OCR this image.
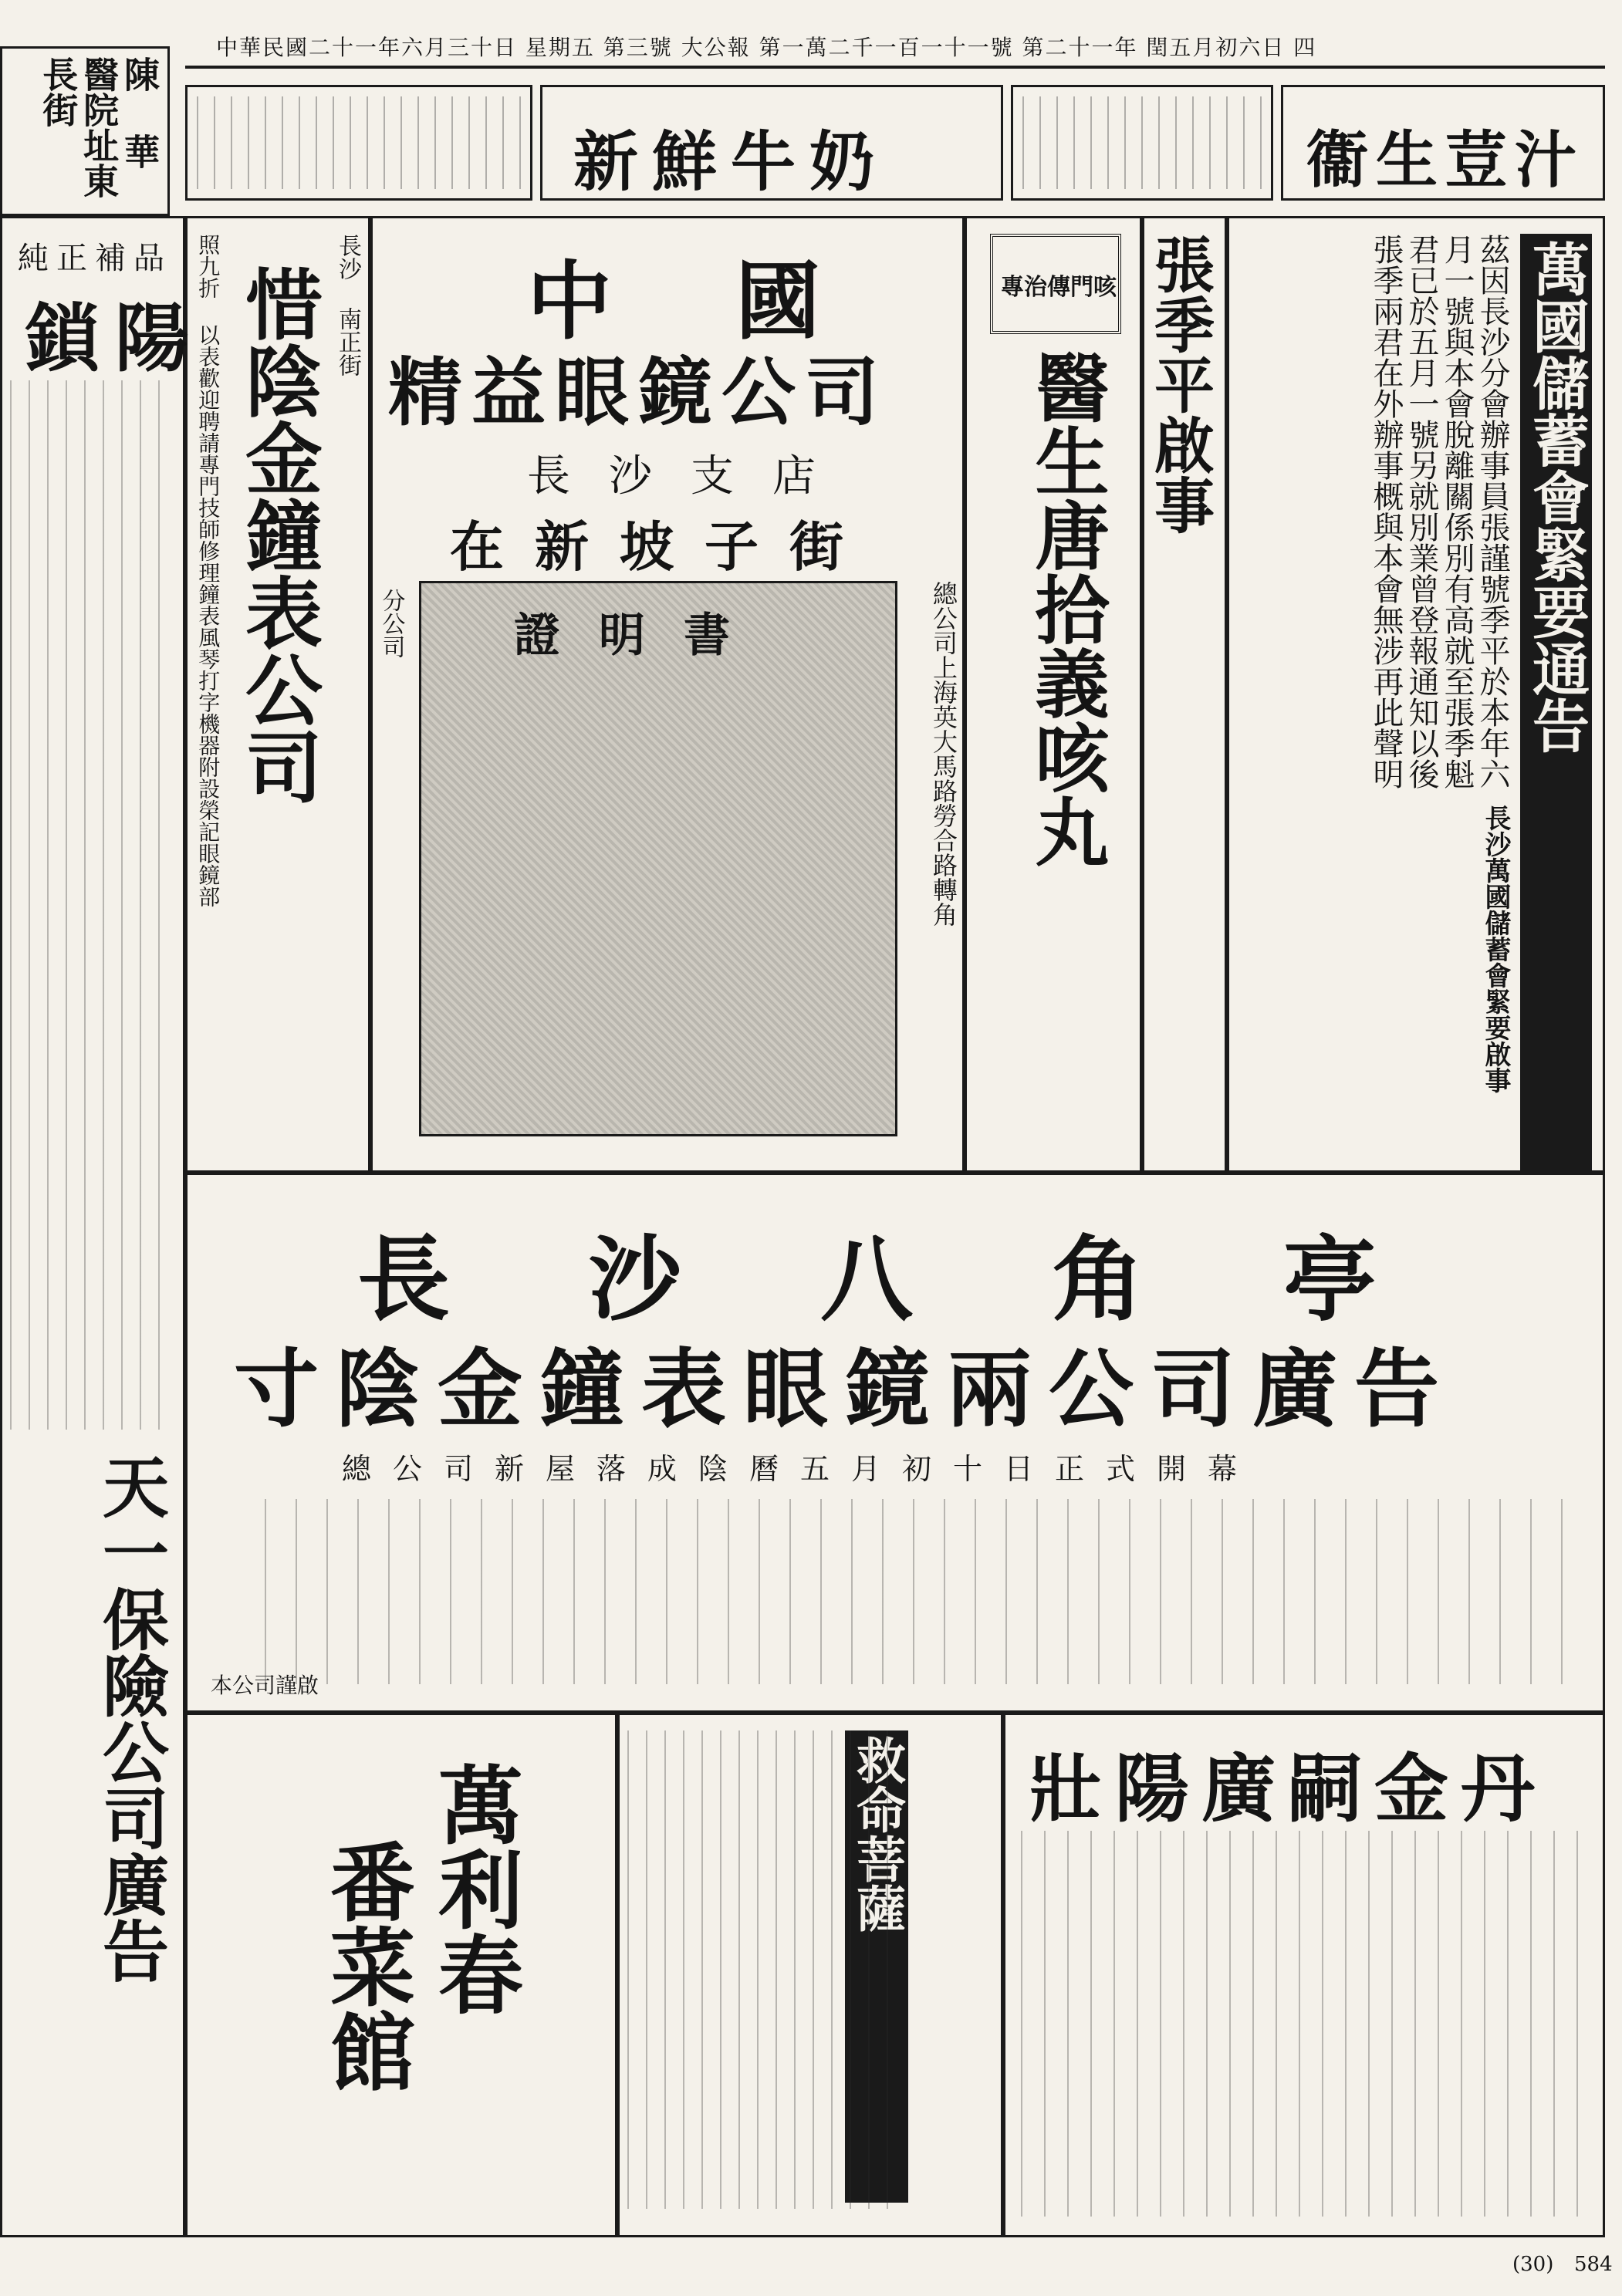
中華民國二十一年六月三十日 星期五 第三號 大公報 第一萬二千一百一十一號 第二十一年 閏五月初六日 四
陳 華 醫院址東長街
衞生荳汁
新鮮牛奶
萬國儲蓄會緊要通告
茲因長沙分會辦事員張謹號季平於本年六月一號與本會脫離關係別有高就至張季魁君已於五月一號另就別業曾登報通知以後張季兩君在外辦事概與本會無涉再此聲明
長沙萬國儲蓄會緊要啟事
張季平啟事
專治傳門咳
醫生唐拾義咳丸
中國
精益眼鏡公司
長沙支店
在新坡子街
證明書	總公司上海英大馬路勞合路轉角
分公司
長沙 南正街
惜陰金鐘表公司
照九折 以表歡迎聘請專門技師修理鐘表風琴打字機器附設榮記眼鏡部
純正補品
鎖陽
天一保險公司廣告
長沙八角亭
寸陰金鐘表眼鏡兩公司廣告
總公司新屋落成陰曆五月初十日正式開幕
本公司謹啟
壯陽廣嗣金丹
救命菩薩
萬利春
番菜館
(30) 584
